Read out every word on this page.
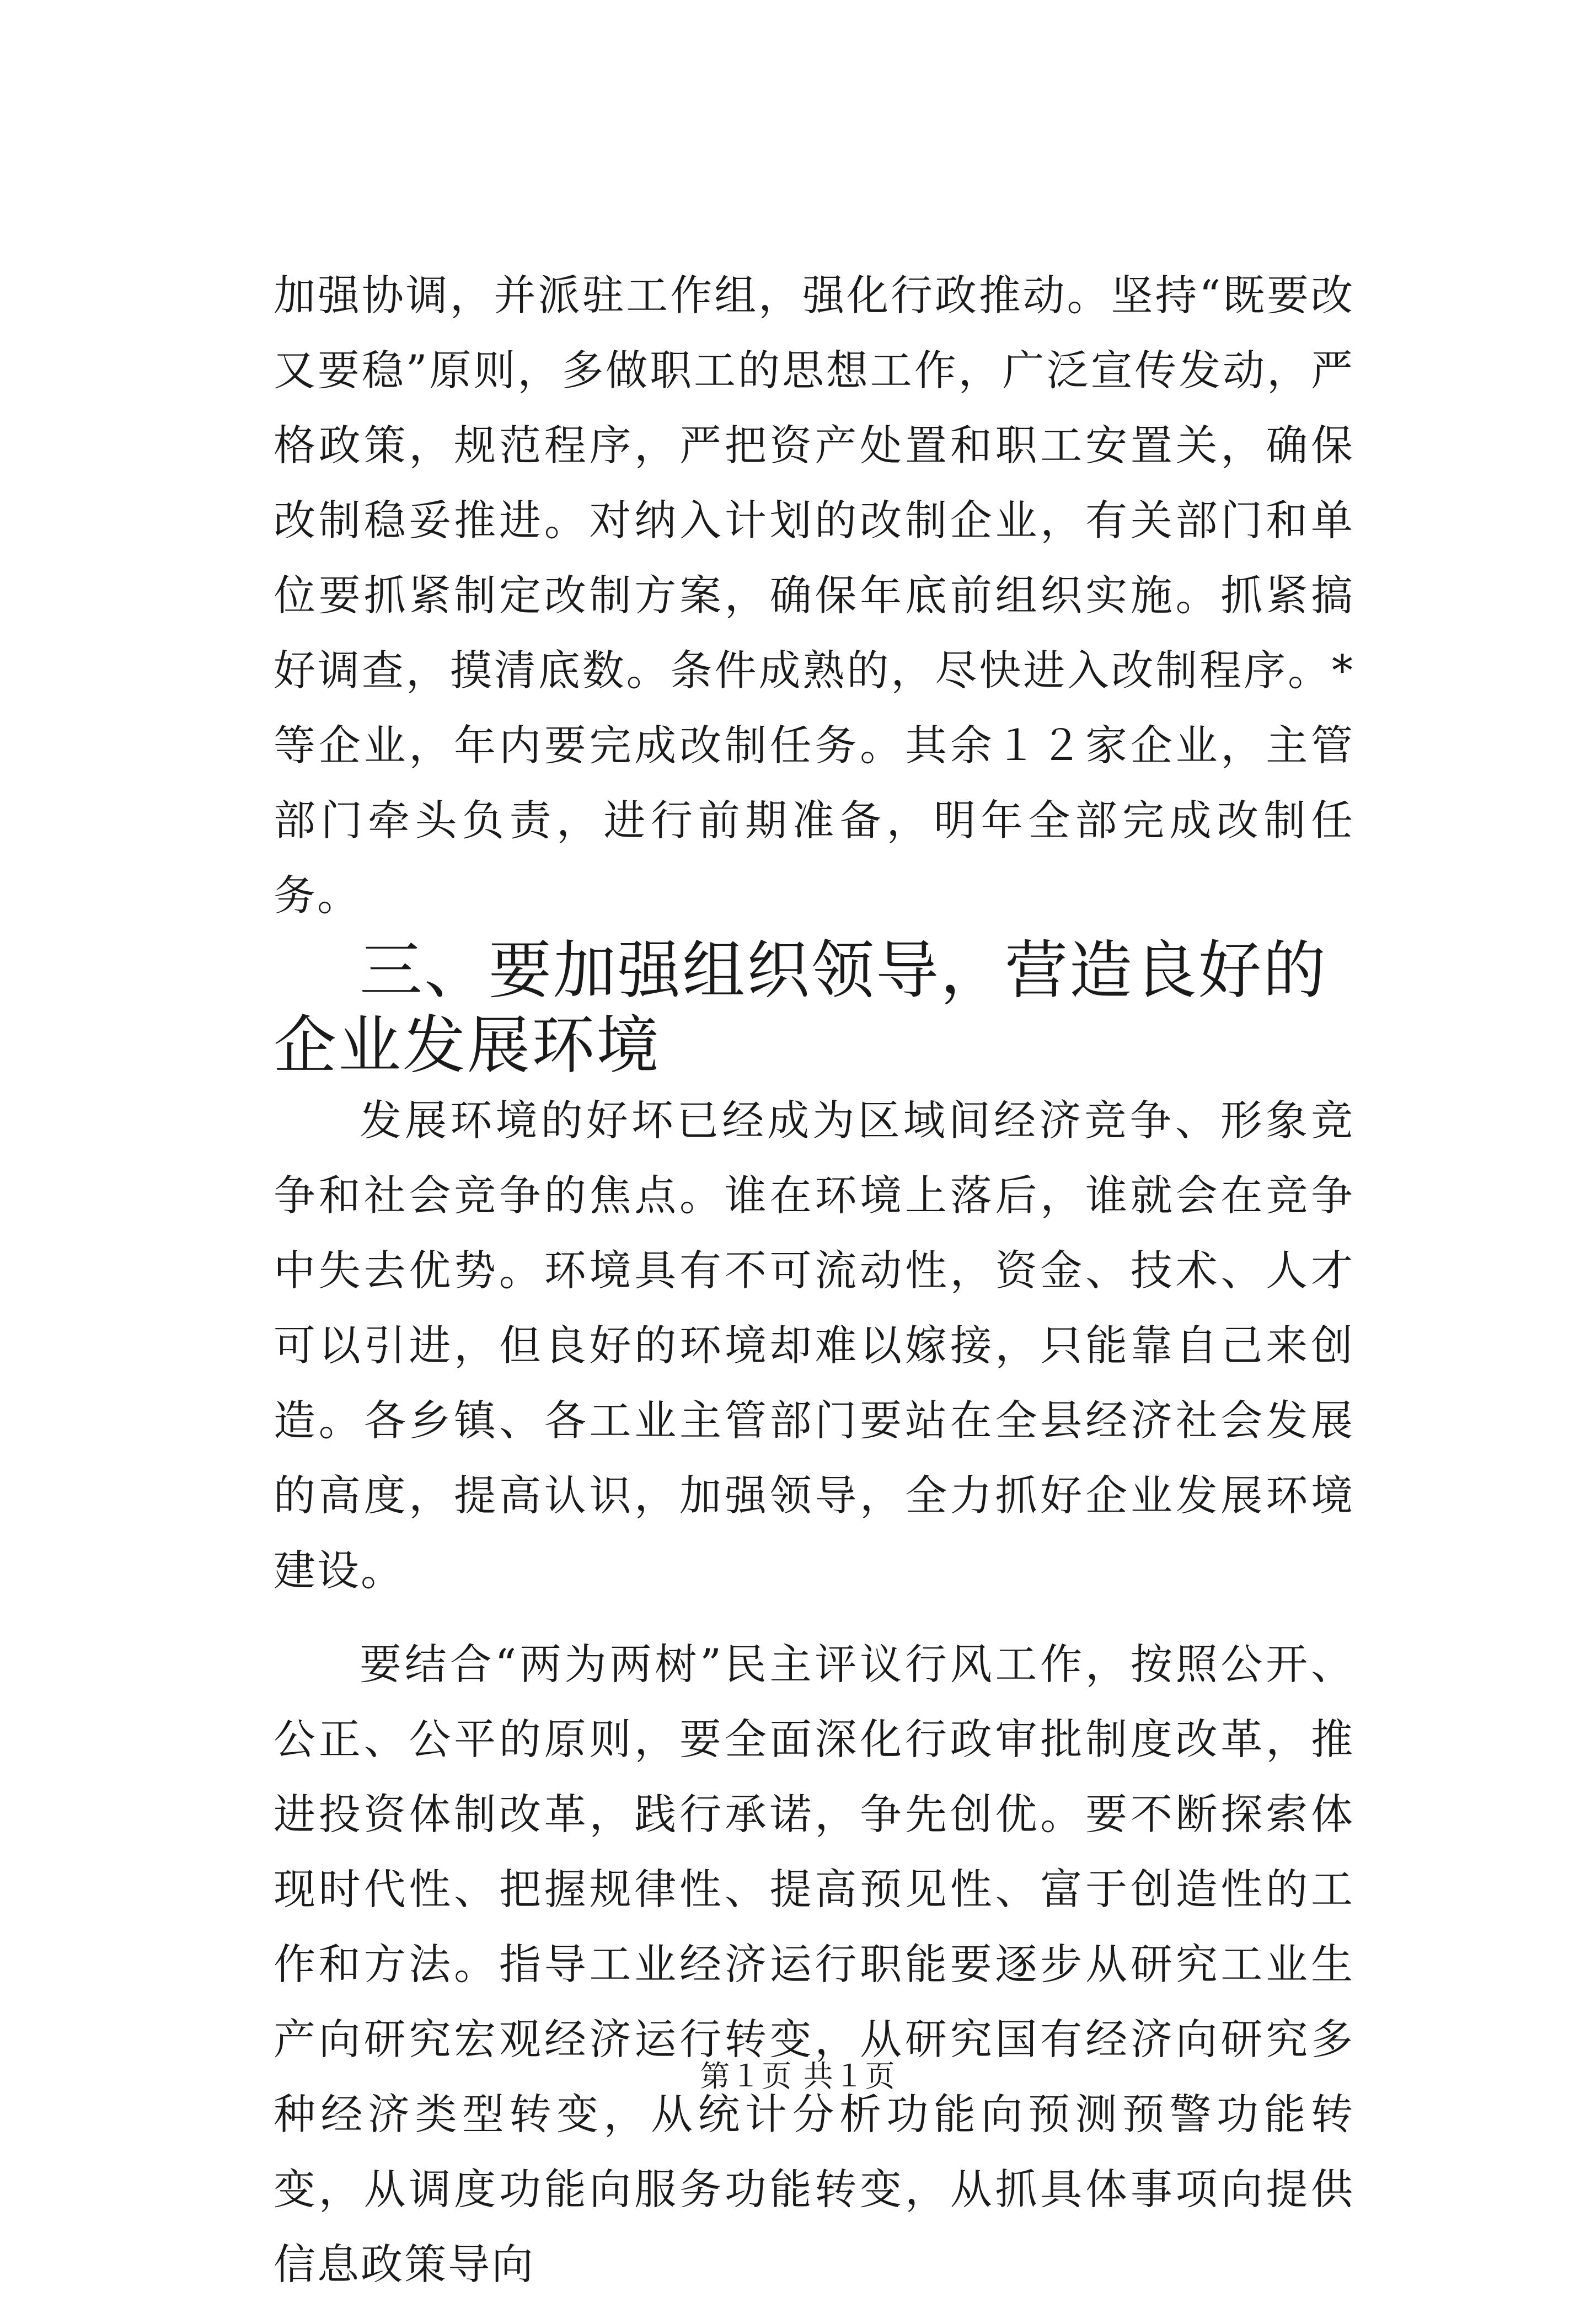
加强协调，并派驻工作组，强化行政推动。坚持“既要改又要稳”原则，多做职工的思想工作，广泛宣传发动，严格政策，规范程序，严把资产处置和职工安置关，确保改制稳妥推进。对纳入计划的改制企业，有关部门和单位要抓紧制定改制方案，确保年底前组织实施。抓紧搞好调查，摸清底数。条件成熟的，尽快进入改制程序。*等企业，年内要完成改制任务。其余１２家企业，主管部门牵头负责，进行前期准备，明年全部完成改制任务。

三、要加强组织领导，营造良好的企业发展环境

发展环境的好坏已经成为区域间经济竞争、形象竞争和社会竞争的焦点。谁在环境上落后，谁就会在竞争中失去优势。环境具有不可流动性，资金、技术、人才可以引进，但良好的环境却难以嫁接，只能靠自己来创造。各乡镇、各工业主管部门要站在全县经济社会发展的高度，提高认识，加强领导，全力抓好企业发展环境建设。

要结合“两为两树”民主评议行风工作，按照公开、公正、公平的原则，要全面深化行政审批制度改革，推进投资体制改革，践行承诺，争先创优。要不断探索体现时代性、把握规律性、提高预见性、富于创造性的工作和方法。指导工业经济运行职能要逐步从研究工业生产向研究宏观经济运行转变，从研究国有经济向研究多种经济类型转变，从统计分析功能向预测预警功能转变，从调度功能向服务功能转变，从抓具体事项向提供信息政策导向

第１页 共１页
